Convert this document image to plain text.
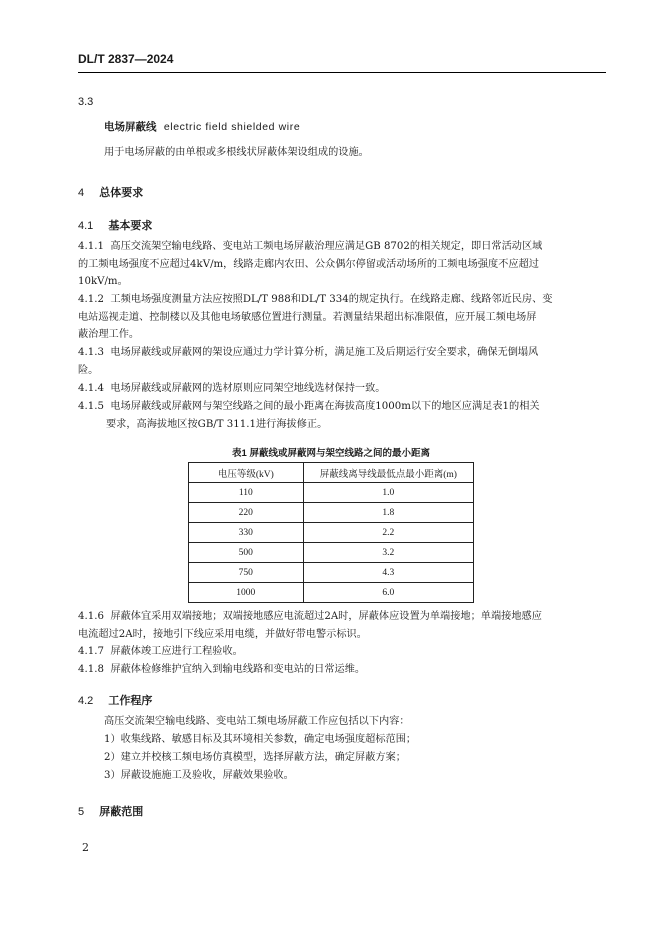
DL/T 2837—2024
3.3
电场屏蔽线 electric field shielded wire
用于电场屏蔽的由单根或多根线状屏蔽体架设组成的设施。
4 总体要求
4.1 基本要求
4.1.1 高压交流架空输电线路、变电站工频电场屏蔽治理应满足GB 8702的相关规定，即日常活动区域
的工频电场强度不应超过4kV/m，线路走廊内农田、公众偶尔停留或活动场所的工频电场强度不应超过
10kV/m。
4.1.2 工频电场强度测量方法应按照DL/T 988和DL/T 334的规定执行。在线路走廊、线路邻近民房、变
电站巡视走道、控制楼以及其他电场敏感位置进行测量。若测量结果超出标准限值，应开展工频电场屏
蔽治理工作。
4.1.3 电场屏蔽线或屏蔽网的架设应通过力学计算分析，满足施工及后期运行安全要求，确保无倒塌风
险。
4.1.4 电场屏蔽线或屏蔽网的选材原则应同架空地线选材保持一致。
4.1.5 电场屏蔽线或屏蔽网与架空线路之间的最小距离在海拔高度1000m以下的地区应满足表1的相关
要求，高海拔地区按GB/T 311.1进行海拔修正。
表1 屏蔽线或屏蔽网与架空线路之间的最小距离
电压等级(kV)	屏蔽线离导线最低点最小距离(m)
110	1.0
220	1.8
330	2.2
500	3.2
750	4.3
1000	6.0
4.1.6 屏蔽体宜采用双端接地；双端接地感应电流超过2A时，屏蔽体应设置为单端接地；单端接地感应
电流超过2A时，接地引下线应采用电缆，并做好带电警示标识。
4.1.7 屏蔽体竣工应进行工程验收。
4.1.8 屏蔽体检修维护宜纳入到输电线路和变电站的日常运维。
4.2 工作程序
高压交流架空输电线路、变电站工频电场屏蔽工作应包括以下内容：
1）收集线路、敏感目标及其环境相关参数，确定电场强度超标范围；
2）建立并校核工频电场仿真模型，选择屏蔽方法，确定屏蔽方案；
3）屏蔽设施施工及验收，屏蔽效果验收。
5 屏蔽范围
2
